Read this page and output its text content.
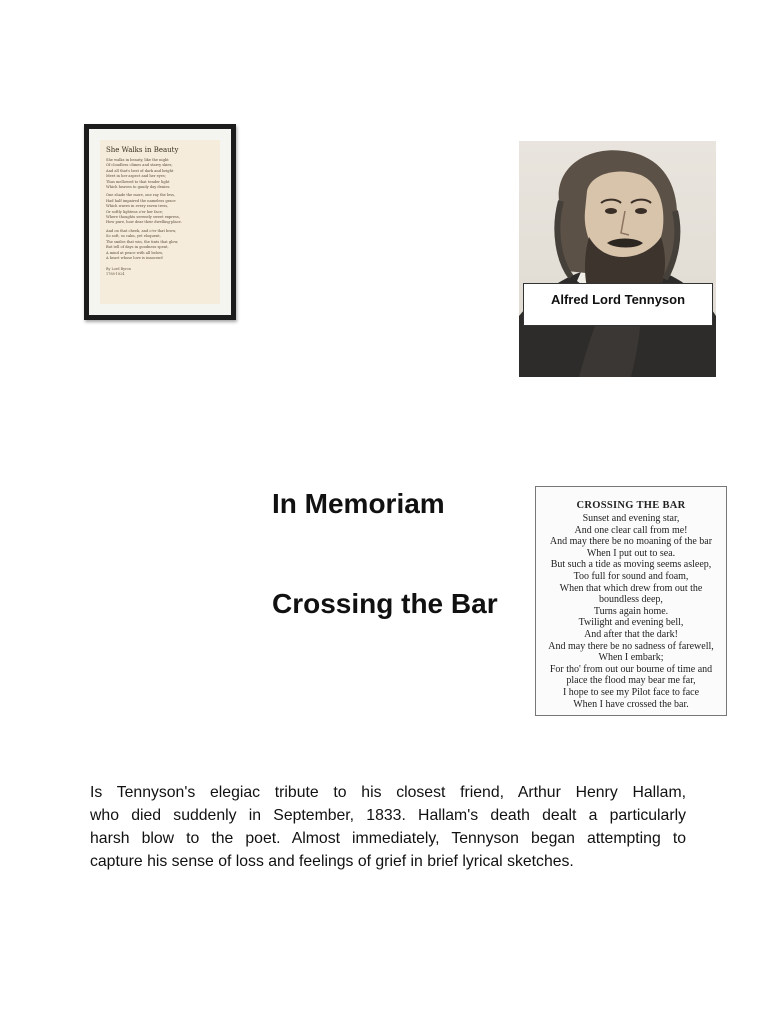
She Walks in Beauty
She walks in beauty, like the night
Of cloudless climes and starry skies;
And all that's best of dark and bright
Meet in her aspect and her eyes;
Thus mellowed to that tender light
Which heaven to gaudy day denies.
One shade the more, one ray the less,
Had half impaired the nameless grace
Which waves in every raven tress,
Or softly lightens o'er her face;
Where thoughts serenely sweet express,
How pure, how dear their dwelling-place.
And on that cheek, and o'er that brow,
So soft, so calm, yet eloquent,
The smiles that win, the tints that glow,
But tell of days in goodness spent,
A mind at peace with all below,
A heart whose love is innocent!
By Lord Byron
1788-1824
Alfred Lord Tennyson
In Memoriam
Crossing the Bar
CROSSING THE BAR
Sunset and evening star,
And one clear call from me!
And may there be no moaning of the bar
When I put out to sea.
But such a tide as moving seems asleep,
Too full for sound and foam,
When that which drew from out the
boundless deep,
Turns again home.
Twilight and evening bell,
And after that the dark!
And may there be no sadness of farewell,
When I embark;
For tho' from out our bourne of time and
place the flood may bear me far,
I hope to see my Pilot face to face
When I have crossed the bar.
Is Tennyson's elegiac tribute to his closest friend, Arthur Henry Hallam,
who died suddenly in September, 1833. Hallam's death dealt a particularly
harsh blow to the poet. Almost immediately, Tennyson began attempting to
capture his sense of loss and feelings of grief in brief lyrical sketches.
